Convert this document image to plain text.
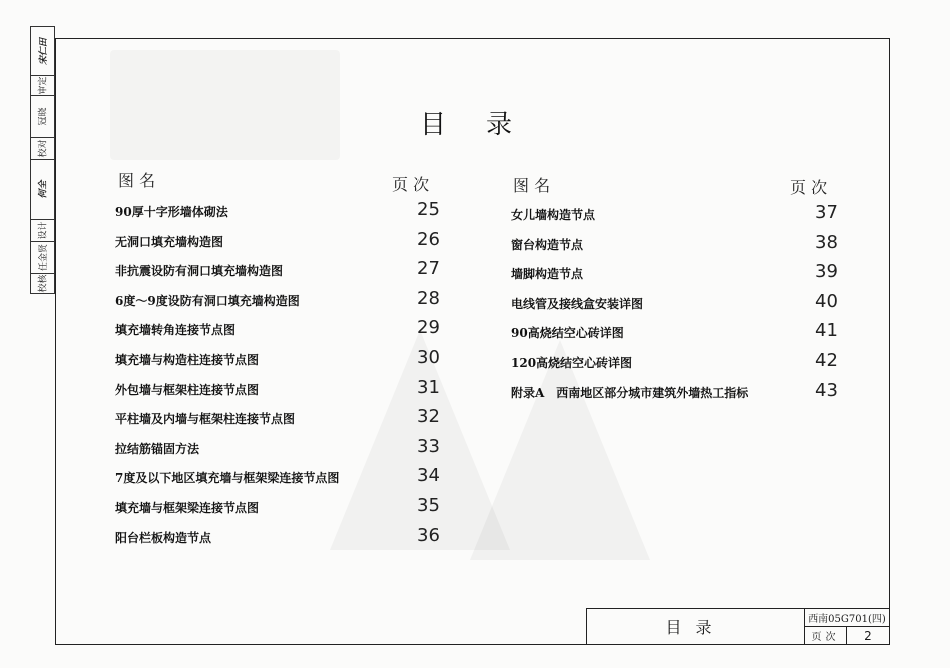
宋仁田
审定
冠晓
校对
何全
设计
任金贤
校核
目录
图 名	页 次	图 名	页 次
90厚十字形墙体砌法	25
无洞口填充墙构造图	26
非抗震设防有洞口填充墙构造图	27
6度～9度设防有洞口填充墙构造图	28
填充墙转角连接节点图	29
填充墙与构造柱连接节点图	30
外包墙与框架柱连接节点图	31
平柱墙及内墙与框架柱连接节点图	32
拉结筋锚固方法	33
7度及以下地区填充墙与框架梁连接节点图	34
填充墙与框架梁连接节点图	35
阳台栏板构造节点	36
女儿墙构造节点	37
窗台构造节点	38
墙脚构造节点	39
电线管及接线盒安装详图	40
90高烧结空心砖详图	41
120高烧结空心砖详图	42
附录A　西南地区部分城市建筑外墙热工指标	43
目录	西南05G701(四)
页次	2
